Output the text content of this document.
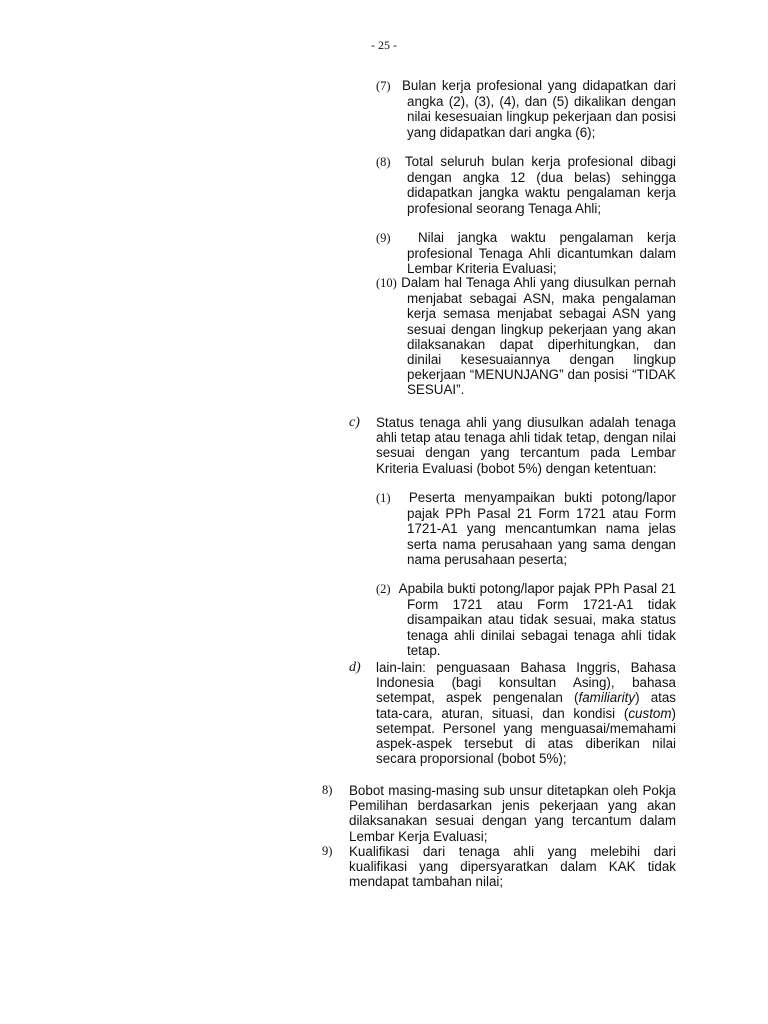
- 25 -
(7) Bulan kerja profesional yang didapatkan dari angka (2), (3), (4), dan (5) dikalikan dengan nilai kesesuaian lingkup pekerjaan dan posisi yang didapatkan dari angka (6);
(8) Total seluruh bulan kerja profesional dibagi dengan angka 12 (dua belas) sehingga didapatkan jangka waktu pengalaman kerja profesional seorang Tenaga Ahli;
(9) Nilai jangka waktu pengalaman kerja profesional Tenaga Ahli dicantumkan dalam Lembar Kriteria Evaluasi;
(10) Dalam hal Tenaga Ahli yang diusulkan pernah menjabat sebagai ASN, maka pengalaman kerja semasa menjabat sebagai ASN yang sesuai dengan lingkup pekerjaan yang akan dilaksanakan dapat diperhitungkan, dan dinilai kesesuaiannya dengan lingkup pekerjaan “MENUNJANG” dan posisi “TIDAK SESUAI”.
c) Status tenaga ahli yang diusulkan adalah tenaga ahli tetap atau tenaga ahli tidak tetap, dengan nilai sesuai dengan yang tercantum pada Lembar Kriteria Evaluasi (bobot 5%) dengan ketentuan:
(1) Peserta menyampaikan bukti potong/lapor pajak PPh Pasal 21 Form 1721 atau Form 1721-A1 yang mencantumkan nama jelas serta nama perusahaan yang sama dengan nama perusahaan peserta;
(2) Apabila bukti potong/lapor pajak PPh Pasal 21 Form 1721 atau Form 1721-A1 tidak disampaikan atau tidak sesuai, maka status tenaga ahli dinilai sebagai tenaga ahli tidak tetap.
d) lain-lain: penguasaan Bahasa Inggris, Bahasa Indonesia (bagi konsultan Asing), bahasa setempat, aspek pengenalan (familiarity) atas tata-cara, aturan, situasi, dan kondisi (custom) setempat. Personel yang menguasai/memahami aspek-aspek tersebut di atas diberikan nilai secara proporsional (bobot 5%);
8) Bobot masing-masing sub unsur ditetapkan oleh Pokja Pemilihan berdasarkan jenis pekerjaan yang akan dilaksanakan sesuai dengan yang tercantum dalam Lembar Kerja Evaluasi;
9) Kualifikasi dari tenaga ahli yang melebihi dari kualifikasi yang dipersyaratkan dalam KAK tidak mendapat tambahan nilai;
